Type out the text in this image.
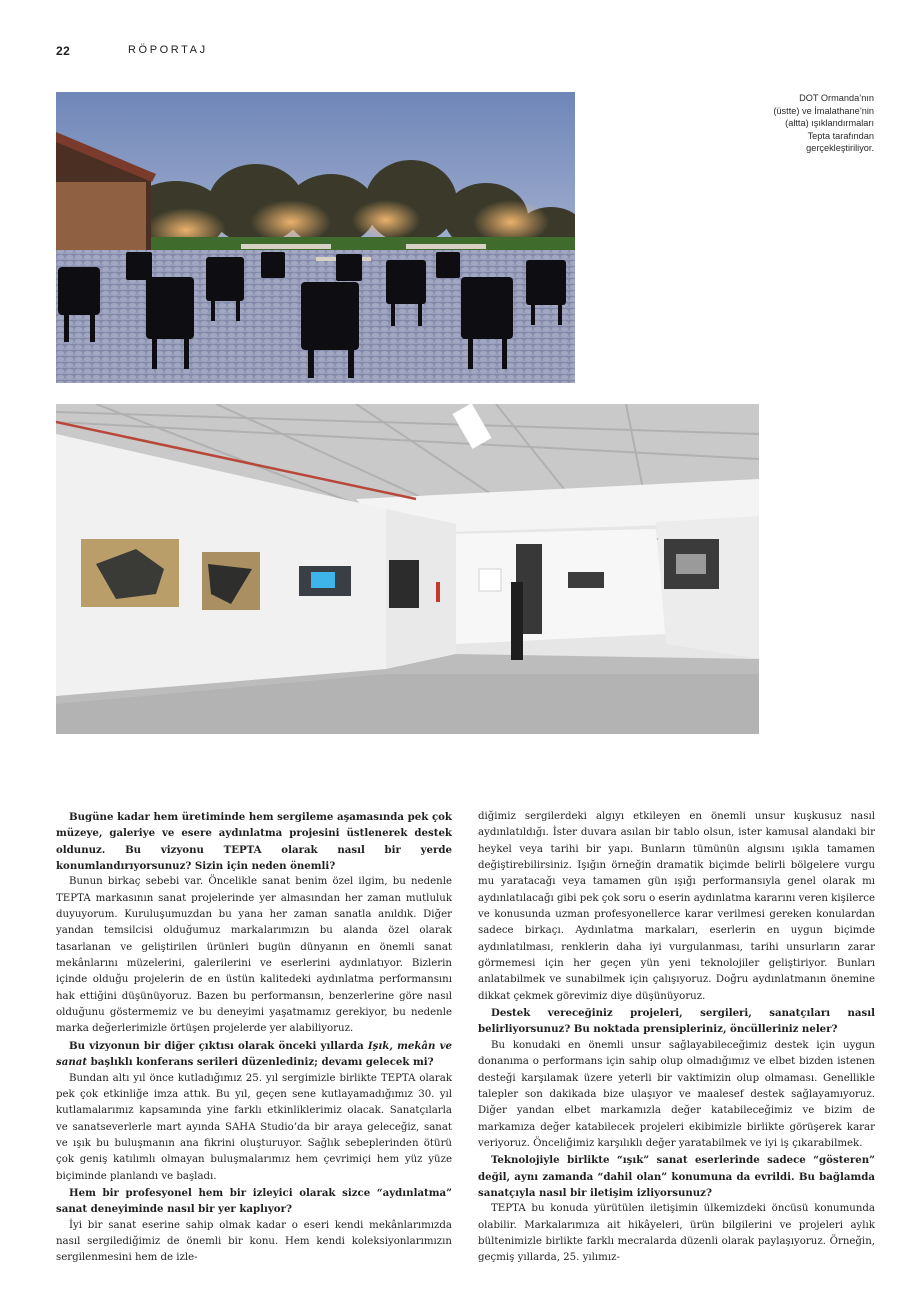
22	RÖPORTAJ
DOT Ormanda’nın
(üstte) ve İmalathane’nin
(altta) ışıklandırmaları
Tepta tarafından
gerçekleştiriliyor.

Bugüne kadar hem üretiminde hem sergileme aşamasında pek çok müzeye, galeriye ve esere aydınlatma projesini üstlenerek destek oldunuz. Bu vizyonu TEPTA olarak nasıl bir yerde konumlandırıyorsunuz? Sizin için neden önemli?

Bunun birkaç sebebi var. Öncelikle sanat benim özel ilgim, bu nedenle TEPTA markasının sanat projelerinde yer almasından her zaman mutluluk duyuyorum. Kuruluşumuzdan bu yana her zaman sanatla anıldık. Diğer yandan temsilcisi olduğumuz markalarımızın bu alanda özel olarak tasarlanan ve geliştirilen ürünleri bugün dünyanın en önemli sanat mekânlarını müzelerini, galerilerini ve eserlerini aydınlatıyor. Bizlerin içinde olduğu projelerin de en üstün kalitedeki aydınlatma performansını hak ettiğini düşünüyoruz. Bazen bu performansın, benzerlerine göre nasıl olduğunu göstermemiz ve bu deneyimi yaşatmamız gerekiyor, bu nedenle marka değerlerimizle örtüşen projelerde yer alabiliyoruz.

Bu vizyonun bir diğer çıktısı olarak önceki yıllarda Işık, mekân ve sanat başlıklı konferans serileri düzenlediniz; devamı gelecek mi?

Bundan altı yıl önce kutladığımız 25. yıl sergimizle birlikte TEPTA olarak pek çok etkinliğe imza attık. Bu yıl, geçen sene kutlayamadığımız 30. yıl kutlamalarımız kapsamında yine farklı etkinliklerimiz olacak. Sanatçılarla ve sanatseverlerle mart ayında SAHA Studio’da bir araya geleceğiz, sanat ve ışık bu buluşmanın ana fikrini oluşturuyor. Sağlık sebeplerinden ötürü çok geniş katılımlı olmayan buluşmalarımız hem çevrimiçi hem yüz yüze biçiminde planlandı ve başladı.

Hem bir profesyonel hem bir izleyici olarak sizce “aydınlatma” sanat deneyiminde nasıl bir yer kaplıyor?

İyi bir sanat eserine sahip olmak kadar o eseri kendi mekânlarımızda nasıl sergilediğimiz de önemli bir konu. Hem kendi koleksiyonlarımızın sergilenmesini hem de izle-

diğimiz sergilerdeki algıyı etkileyen en önemli unsur kuşkusuz nasıl aydınlatıldığı. İster duvara asılan bir tablo olsun, ister kamusal alandaki bir heykel veya tarihi bir yapı. Bunların tümünün algısını ışıkla tamamen değiştirebilirsiniz. Işığın örneğin dramatik biçimde belirli bölgelere vurgu mu yaratacağı veya tamamen gün ışığı performansıyla genel olarak mı aydınlatılacağı gibi pek çok soru o eserin aydınlatma kararını veren kişilerce ve konusunda uzman profesyonellerce karar verilmesi gereken konulardan sadece birkaçı. Aydınlatma markaları, eserlerin en uygun biçimde aydınlatılması, renklerin daha iyi vurgulanması, tarihi unsurların zarar görmemesi için her geçen yün yeni teknolojiler geliştiriyor. Bunları anlatabilmek ve sunabilmek için çalışıyoruz. Doğru aydınlatmanın önemine dikkat çekmek görevimiz diye düşünüyoruz.

Destek vereceğiniz projeleri, sergileri, sanatçıları nasıl belirliyorsunuz? Bu noktada prensipleriniz, öncülleriniz neler?

Bu konudaki en önemli unsur sağlayabileceğimiz destek için uygun donanıma o performans için sahip olup olmadığımız ve elbet bizden istenen desteği karşılamak üzere yeterli bir vaktimizin olup olmaması. Genellikle talepler son dakikada bize ulaşıyor ve maalesef destek sağlayamıyoruz. Diğer yandan elbet markamızla değer katabileceğimiz ve bizim de markamıza değer katabilecek projeleri ekibimizle birlikte görüşerek karar veriyoruz. Önceliğimiz karşılıklı değer yaratabilmek ve iyi iş çıkarabilmek.

Teknolojiyle birlikte “ışık” sanat eserlerinde sadece “gösteren” değil, aynı zamanda “dahil olan” konumuna da evrildi. Bu bağlamda sanatçıyla nasıl bir iletişim izliyorsunuz?

TEPTA bu konuda yürütülen iletişimin ülkemizdeki öncüsü konumunda olabilir. Markalarımıza ait hikâyeleri, ürün bilgilerini ve projeleri aylık bültenimizle birlikte farklı mecralarda düzenli olarak paylaşıyoruz. Örneğin, geçmiş yıllarda, 25. yılımız-
